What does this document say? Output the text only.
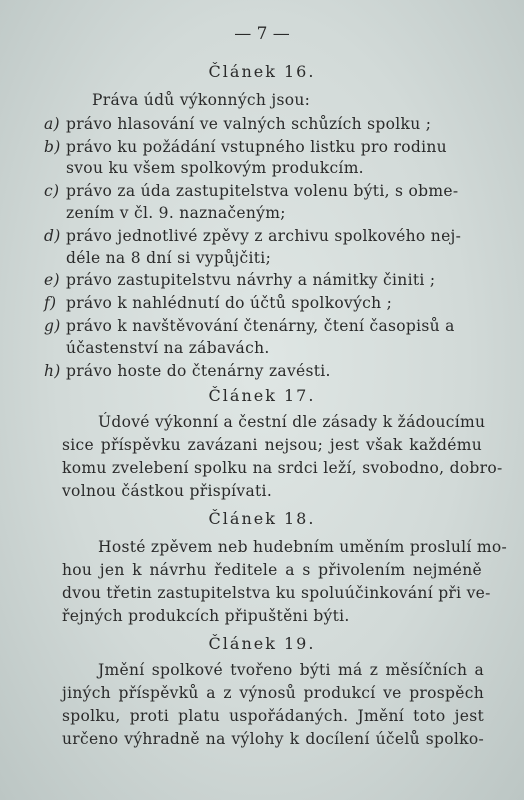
— 7 —
Článek 16.
Práva údů výkonných jsou:
a) právo hlasování ve valných schůzích spolku ;
b) právo ku požádání vstupného listku pro rodinu
svou ku všem spolkovým produkcím.
c) právo za úda zastupitelstva volenu býti, s obme-
zením v čl. 9. naznačeným;
d) právo jednotlivé zpěvy z archivu spolkového nej-
déle na 8 dní si vypůjčiti;
e) právo zastupitelstvu návrhy a námitky činiti ;
f) právo k nahlédnutí do účtů spolkových ;
g) právo k navštěvování čtenárny, čtení časopisů a
účastenství na zábavách.
h) právo hoste do čtenárny zavésti.
Článek 17.
Údové výkonní a čestní dle zásady k žádoucímu
sice příspěvku zavázani nejsou; jest však každému
komu zvelebení spolku na srdci leží, svobodno, dobro-
volnou částkou přispívati.
Článek 18.
Hosté zpěvem neb hudebním uměním proslulí mo-
hou jen k návrhu ředitele a s přivolením nejméně
dvou třetin zastupitelstva ku spoluúčinkování při ve-
řejných produkcích připuštěni býti.
Článek 19.
Jmění spolkové tvořeno býti má z měsíčních a
jiných příspěvků a z výnosů produkcí ve prospěch
spolku, proti platu uspořádaných. Jmění toto jest
určeno výhradně na výlohy k docílení účelů spolko-
